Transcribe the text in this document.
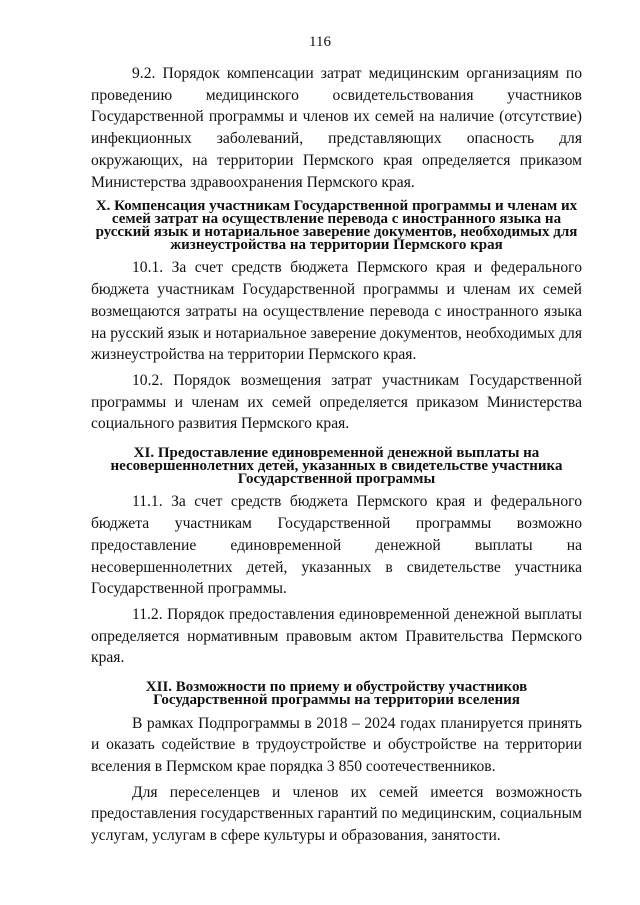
116

9.2. Порядок компенсации затрат медицинским организациям по проведению медицинского освидетельствования участников Государственной программы и членов их семей на наличие (отсутствие) инфекционных заболеваний, представляющих опасность для окружающих, на территории Пермского края определяется приказом Министерства здравоохранения Пермского края.

X. Компенсация участникам Государственной программы и членам их семей затрат на осуществление перевода с иностранного языка на русский язык и нотариальное заверение документов, необходимых для жизнеустройства на территории Пермского края

10.1. За счет средств бюджета Пермского края и федерального бюджета участникам Государственной программы и членам их семей возмещаются затраты на осуществление перевода с иностранного языка на русский язык и нотариальное заверение документов, необходимых для жизнеустройства на территории Пермского края.

10.2. Порядок возмещения затрат участникам Государственной программы и членам их семей определяется приказом Министерства социального развития Пермского края.

XI. Предоставление единовременной денежной выплаты на несовершеннолетних детей, указанных в свидетельстве участника Государственной программы

11.1. За счет средств бюджета Пермского края и федерального бюджета участникам Государственной программы возможно предоставление единовременной денежной выплаты на несовершеннолетних детей, указанных в свидетельстве участника Государственной программы.

11.2. Порядок предоставления единовременной денежной выплаты определяется нормативным правовым актом Правительства Пермского края.

XII. Возможности по приему и обустройству участников Государственной программы на территории вселения

В рамках Подпрограммы в 2018 – 2024 годах планируется принять и оказать содействие в трудоустройстве и обустройстве на территории вселения в Пермском крае порядка 3 850 соотечественников.

Для переселенцев и членов их семей имеется возможность предоставления государственных гарантий по медицинским, социальным услугам, услугам в сфере культуры и образования, занятости.
